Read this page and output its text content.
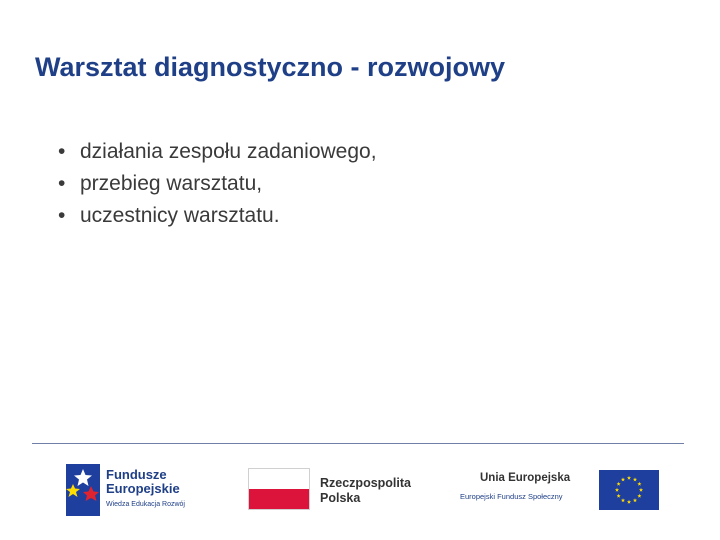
Warsztat diagnostyczno - rozwojowy
• działania zespołu zadaniowego,
• przebieg warsztatu,
• uczestnicy warsztatu.
Fundusze
Europejskie
Wiedza Edukacja Rozwój
Rzeczpospolita
Polska
Unia Europejska
Europejski Fundusz Społeczny
